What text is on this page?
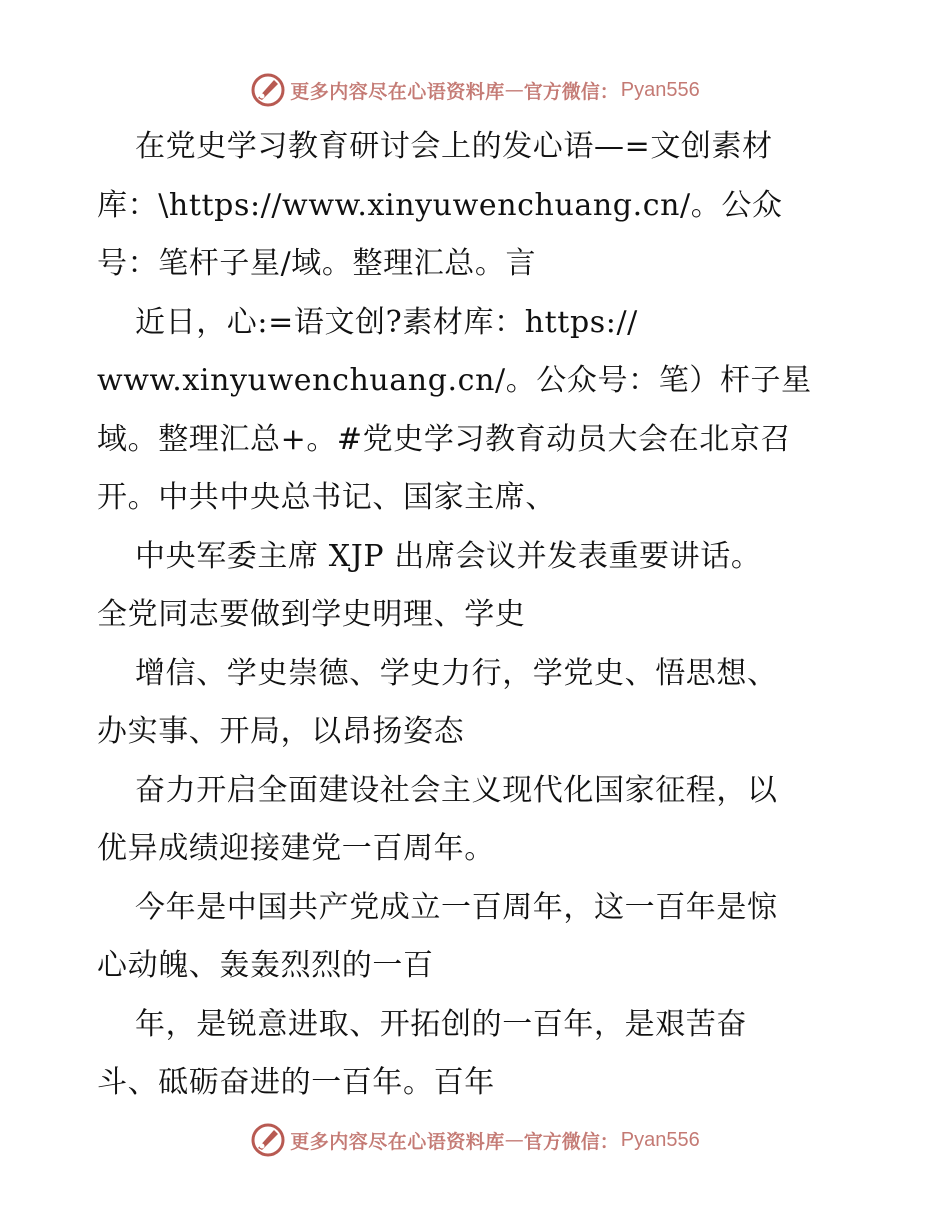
更多内容尽在心语资料库 — 官方微信： Pyan556
在党史学习教育研讨会上的发心语—=文创素材
库：\https://www.xinyuwenchuang.cn/。公众
号：笔杆子星/域。整理汇总。言
近日，心:=语文创?素材库：https://
www.xinyuwenchuang.cn/。公众号：笔）杆子星
域。整理汇总+。#党史学习教育动员大会在北京召
开。中共中央总书记、国家主席、
中央军委主席 XJP 出席会议并发表重要讲话。
全党同志要做到学史明理、学史
增信、学史崇德、学史力行，学党史、悟思想、
办实事、开局，以昂扬姿态
奋力开启全面建设社会主义现代化国家征程，以
优异成绩迎接建党一百周年。
今年是中国共产党成立一百周年，这一百年是惊
心动魄、轰轰烈烈的一百
年，是锐意进取、开拓创的一百年，是艰苦奋
斗、砥砺奋进的一百年。百年
更多内容尽在心语资料库 — 官方微信： Pyan556
